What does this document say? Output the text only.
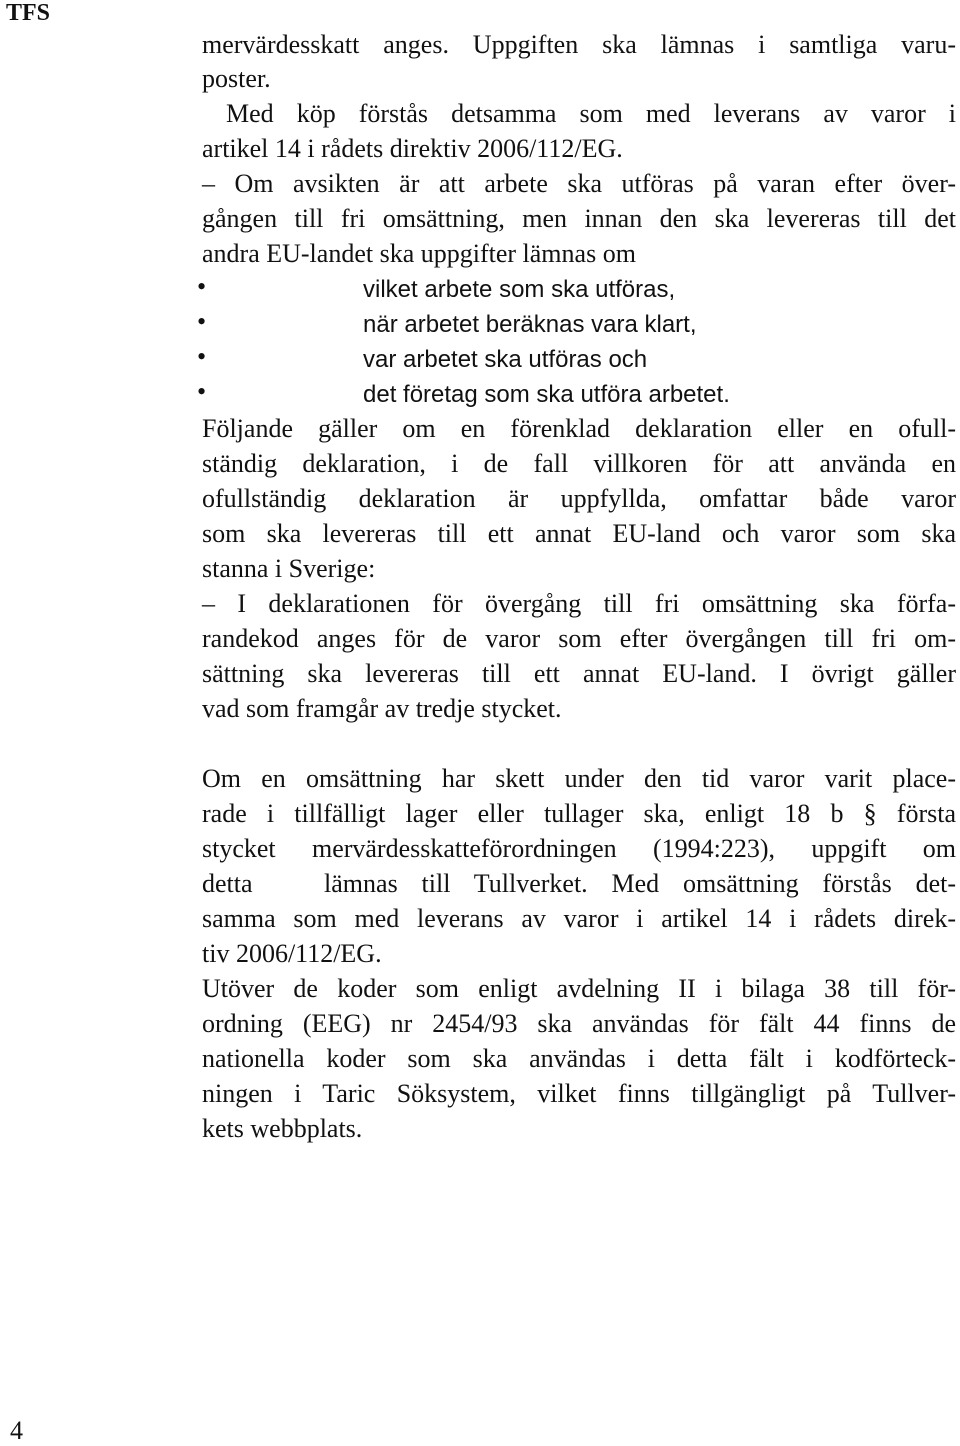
TFS
mervärdesskatt anges. Uppgiften ska lämnas i samtliga varu-
poster.
Med köp förstås detsamma som med leverans av varor i
artikel 14 i rådets direktiv 2006/112/EG.
– Om avsikten är att arbete ska utföras på varan efter över-
gången till fri omsättning, men innan den ska levereras till det
andra EU-landet ska uppgifter lämnas om
•	vilket arbete som ska utföras,
•	när arbetet beräknas vara klart,
•	var arbetet ska utföras och
•	det företag som ska utföra arbetet.
Följande gäller om en förenklad deklaration eller en ofull-
ständig deklaration, i de fall villkoren för att använda en
ofullständig deklaration är uppfyllda, omfattar både varor
som ska levereras till ett annat EU-land och varor som ska
stanna i Sverige:
– I deklarationen för övergång till fri omsättning ska förfa-
randekod anges för de varor som efter övergången till fri om-
sättning ska levereras till ett annat EU-land. I övrigt gäller
vad som framgår av tredje stycket.
Om en omsättning har skett under den tid varor varit place-
rade i tillfälligt lager eller tullager ska, enligt 18 b § första
stycket mervärdesskatteförordningen (1994:223), uppgift om
detta   lämnas till Tullverket. Med omsättning förstås det-
samma som med leverans av varor i artikel 14 i rådets direk-
tiv 2006/112/EG.
Utöver de koder som enligt avdelning II i bilaga 38 till för-
ordning (EEG) nr 2454/93 ska användas för fält 44 finns de
nationella koder som ska användas i detta fält i kodförteck-
ningen i Taric Söksystem, vilket finns tillgängligt på Tullver-
kets webbplats.
4
